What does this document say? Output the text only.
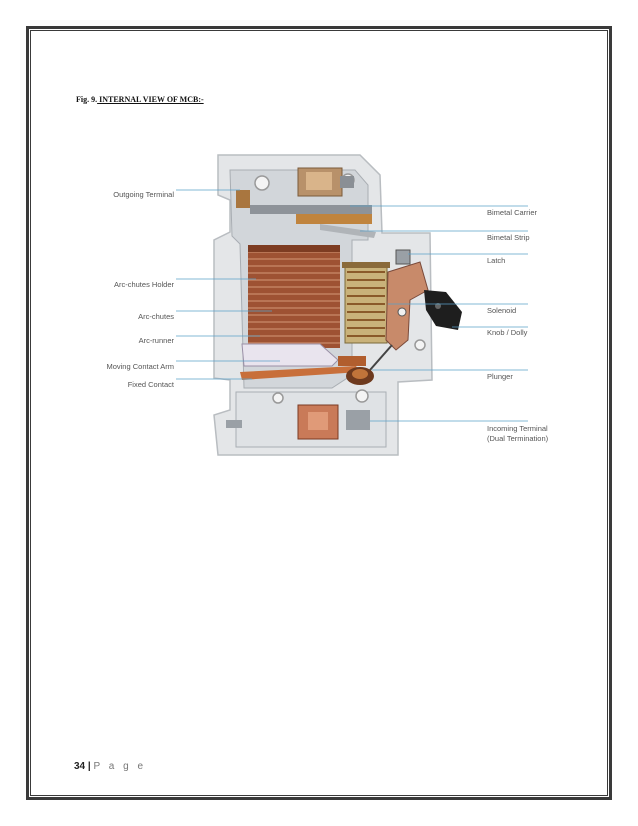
Fig. 9. INTERNAL VIEW OF MCB:-
Outgoing Terminal
Arc-chutes Holder
Arc-chutes
Arc-runner
Moving Contact Arm
Fixed Contact
Bimetal Carrier
Bimetal Strip
Latch
Solenoid
Knob / Dolly
Plunger
Incoming Terminal
(Dual Termination)
34 | P a g e
